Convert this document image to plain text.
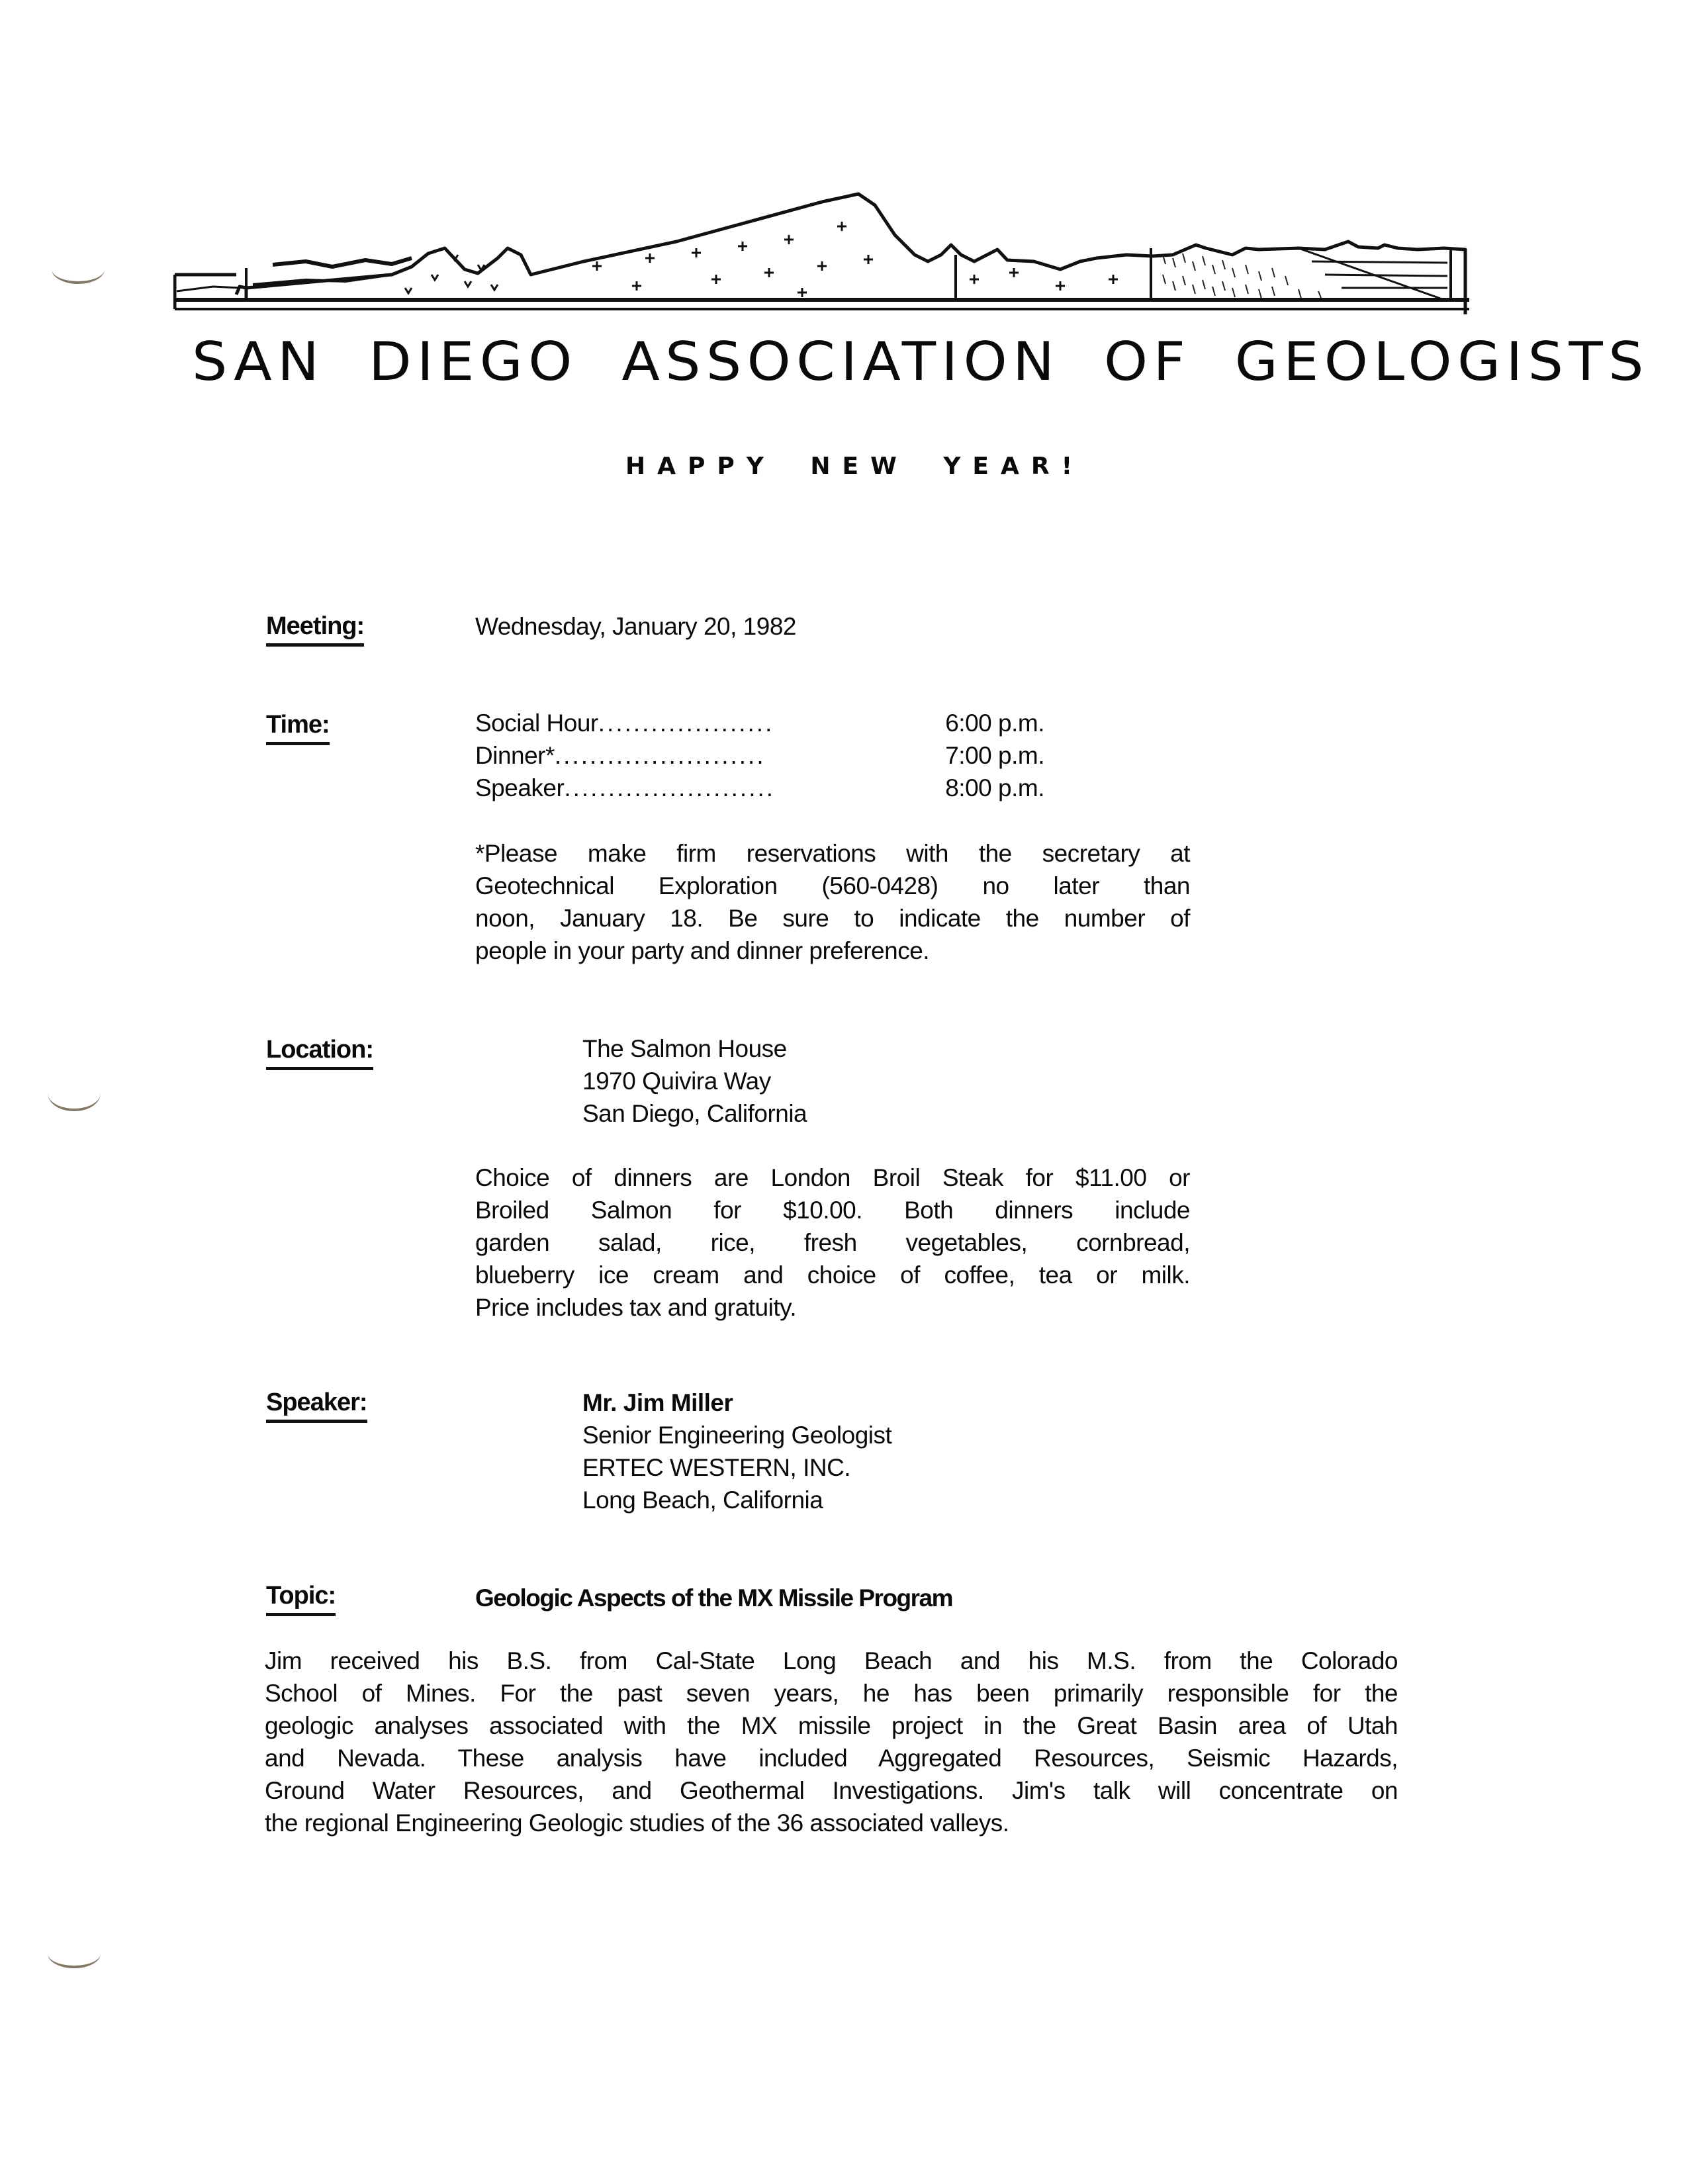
SAN DIEGO ASSOCIATION OF GEOLOGISTS
HAPPY NEW YEAR!
Meeting:	Wednesday, January 20, 1982
Time:	Social Hour ....................	6:00 p.m.
Dinner* ........................	7:00 p.m.
Speaker ........................	8:00 p.m.
*Please make firm reservations with the secretary at
Geotechnical Exploration (560-0428) no later than
noon, January 18. Be sure to indicate the number of
people in your party and dinner preference.
Location:	The Salmon House
1970 Quivira Way
San Diego, California
Choice of dinners are London Broil Steak for $11.00 or
Broiled Salmon for $10.00. Both dinners include
garden salad, rice, fresh vegetables, cornbread,
blueberry ice cream and choice of coffee, tea or milk.
Price includes tax and gratuity.
Speaker:	Mr. Jim Miller
Senior Engineering Geologist
ERTEC WESTERN, INC.
Long Beach, California
Topic:	Geologic Aspects of the MX Missile Program
Jim received his B.S. from Cal-State Long Beach and his M.S. from the Colorado
School of Mines. For the past seven years, he has been primarily responsible for the
geologic analyses associated with the MX missile project in the Great Basin area of Utah
and Nevada. These analysis have included Aggregated Resources, Seismic Hazards,
Ground Water Resources, and Geothermal Investigations. Jim's talk will concentrate on
the regional Engineering Geologic studies of the 36 associated valleys.
